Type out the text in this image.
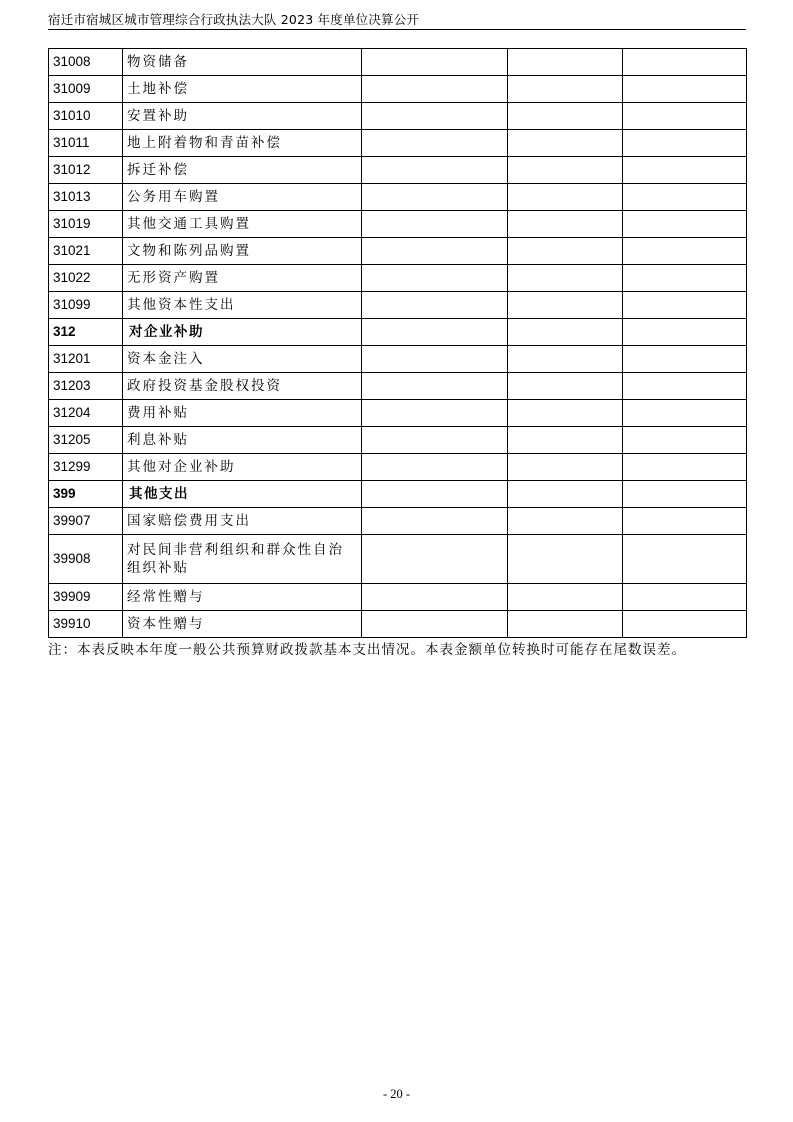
宿迁市宿城区城市管理综合行政执法大队 2023 年度单位决算公开
31008	物资储备			
31009	土地补偿			
31010	安置补助			
31011	地上附着物和青苗补偿			
31012	拆迁补偿			
31013	公务用车购置			
31019	其他交通工具购置			
31021	文物和陈列品购置			
31022	无形资产购置			
31099	其他资本性支出			
312	对企业补助			
31201	资本金注入			
31203	政府投资基金股权投资			
31204	费用补贴			
31205	利息补贴			
31299	其他对企业补助			
399	其他支出			
39907	国家赔偿费用支出			
39908	对民间非营利组织和群众性自治组织补贴			
39909	经常性赠与			
39910	资本性赠与			
注：本表反映本年度一般公共预算财政拨款基本支出情况。本表金额单位转换时可能存在尾数误差。
- 20 -
